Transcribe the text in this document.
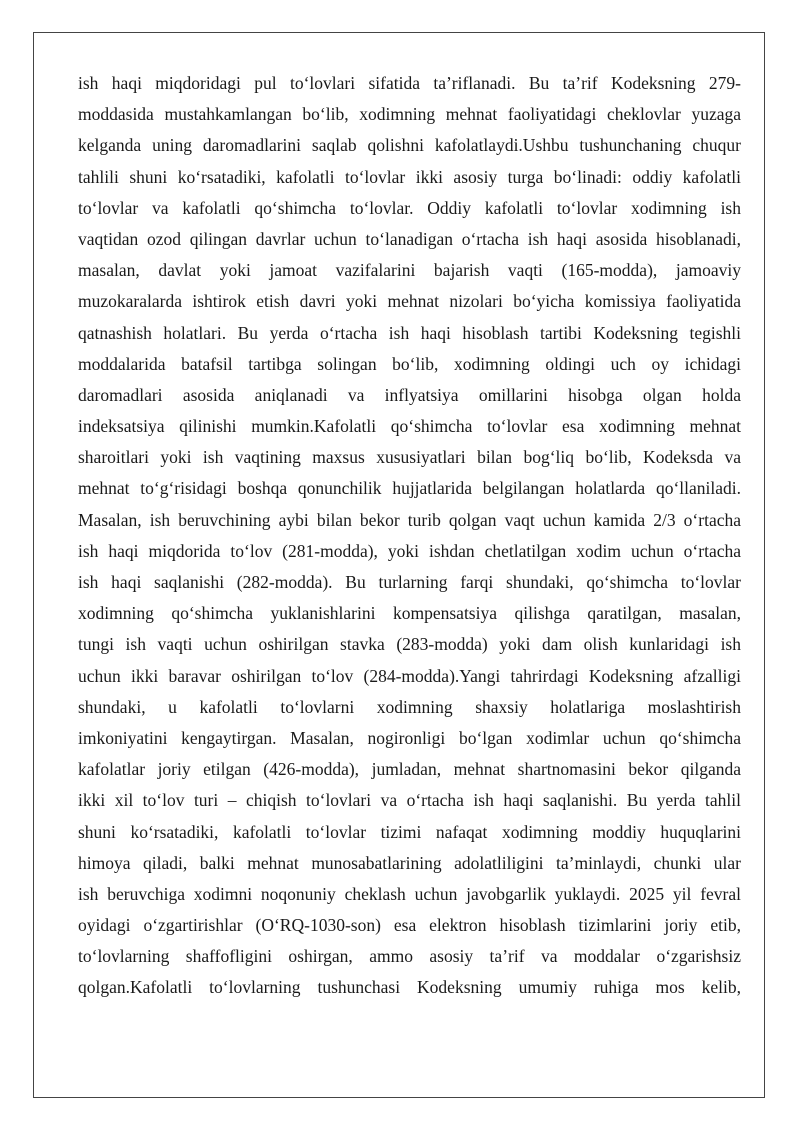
ish haqi miqdoridagi pul to‘lovlari sifatida ta’riflanadi. Bu ta’rif Kodeksning 279-
moddasida mustahkamlangan bo‘lib, xodimning mehnat faoliyatidagi cheklovlar yuzaga
kelganda uning daromadlarini saqlab qolishni kafolatlaydi.Ushbu tushunchaning chuqur
tahlili shuni ko‘rsatadiki, kafolatli to‘lovlar ikki asosiy turga bo‘linadi: oddiy kafolatli
to‘lovlar va kafolatli qo‘shimcha to‘lovlar. Oddiy kafolatli to‘lovlar xodimning ish
vaqtidan ozod qilingan davrlar uchun to‘lanadigan o‘rtacha ish haqi asosida hisoblanadi,
masalan, davlat yoki jamoat vazifalarini bajarish vaqti (165-modda), jamoaviy
muzokaralarda ishtirok etish davri yoki mehnat nizolari bo‘yicha komissiya faoliyatida
qatnashish holatlari. Bu yerda o‘rtacha ish haqi hisoblash tartibi Kodeksning tegishli
moddalarida batafsil tartibga solingan bo‘lib, xodimning oldingi uch oy ichidagi
daromadlari asosida aniqlanadi va inflyatsiya omillarini hisobga olgan holda
indeksatsiya qilinishi mumkin.Kafolatli qo‘shimcha to‘lovlar esa xodimning mehnat
sharoitlari yoki ish vaqtining maxsus xususiyatlari bilan bog‘liq bo‘lib, Kodeksda va
mehnat to‘g‘risidagi boshqa qonunchilik hujjatlarida belgilangan holatlarda qo‘llaniladi.
Masalan, ish beruvchining aybi bilan bekor turib qolgan vaqt uchun kamida 2/3 o‘rtacha
ish haqi miqdorida to‘lov (281-modda), yoki ishdan chetlatilgan xodim uchun o‘rtacha
ish haqi saqlanishi (282-modda). Bu turlarning farqi shundaki, qo‘shimcha to‘lovlar
xodimning qo‘shimcha yuklanishlarini kompensatsiya qilishga qaratilgan, masalan,
tungi ish vaqti uchun oshirilgan stavka (283-modda) yoki dam olish kunlaridagi ish
uchun ikki baravar oshirilgan to‘lov (284-modda).Yangi tahrirdagi Kodeksning afzalligi
shundaki, u kafolatli to‘lovlarni xodimning shaxsiy holatlariga moslashtirish
imkoniyatini kengaytirgan. Masalan, nogironligi bo‘lgan xodimlar uchun qo‘shimcha
kafolatlar joriy etilgan (426-modda), jumladan, mehnat shartnomasini bekor qilganda
ikki xil to‘lov turi – chiqish to‘lovlari va o‘rtacha ish haqi saqlanishi. Bu yerda tahlil
shuni ko‘rsatadiki, kafolatli to‘lovlar tizimi nafaqat xodimning moddiy huquqlarini
himoya qiladi, balki mehnat munosabatlarining adolatliligini ta’minlaydi, chunki ular
ish beruvchiga xodimni noqonuniy cheklash uchun javobgarlik yuklaydi. 2025 yil fevral
oyidagi o‘zgartirishlar (O‘RQ-1030-son) esa elektron hisoblash tizimlarini joriy etib,
to‘lovlarning shaffofligini oshirgan, ammo asosiy ta’rif va moddalar o‘zgarishsiz
qolgan.Kafolatli to‘lovlarning tushunchasi Kodeksning umumiy ruhiga mos kelib,
